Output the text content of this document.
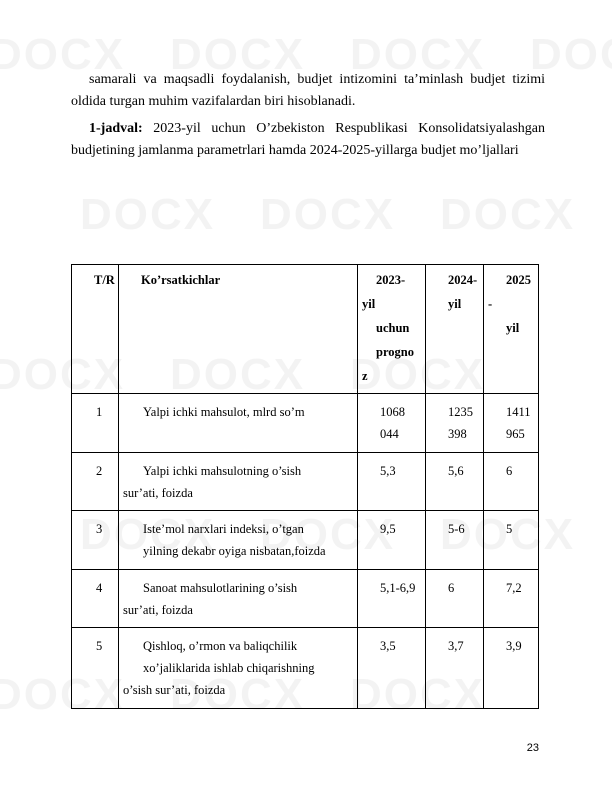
samarali va maqsadli foydalanish, budjet intizomini ta’minlash budjet tizimi
oldida turgan muhim vazifalardan biri hisoblanadi.
1-jadval: 2023-yil uchun O’zbekiston Respublikasi Konsolidatsiyalashgan
budjetining jamlanma parametrlari hamda 2024-2025-yillarga budjet mo’ljallari
T/R	Ko’rsatkichlar	2023-
yil
uchun
progno
z	2024-
yil	2025
-
yil

1	Yalpi ichki mahsulot, mlrd so’m	1068
044	1235
398	1411
965

2	Yalpi ichki mahsulotning o’sish
sur’ati, foizda	5,3	5,6	6

3	Iste’mol narxlari indeksi, o’tgan
yilning dekabr oyiga nisbatan,foizda	9,5	5-6	5

4	Sanoat mahsulotlarining o’sish
sur’ati, foizda	5,1-6,9	6	7,2

5	Qishloq, o’rmon va baliqchilik
xo’jaliklarida ishlab chiqarishning
o’sish sur’ati, foizda	3,5	3,7	3,9
23
